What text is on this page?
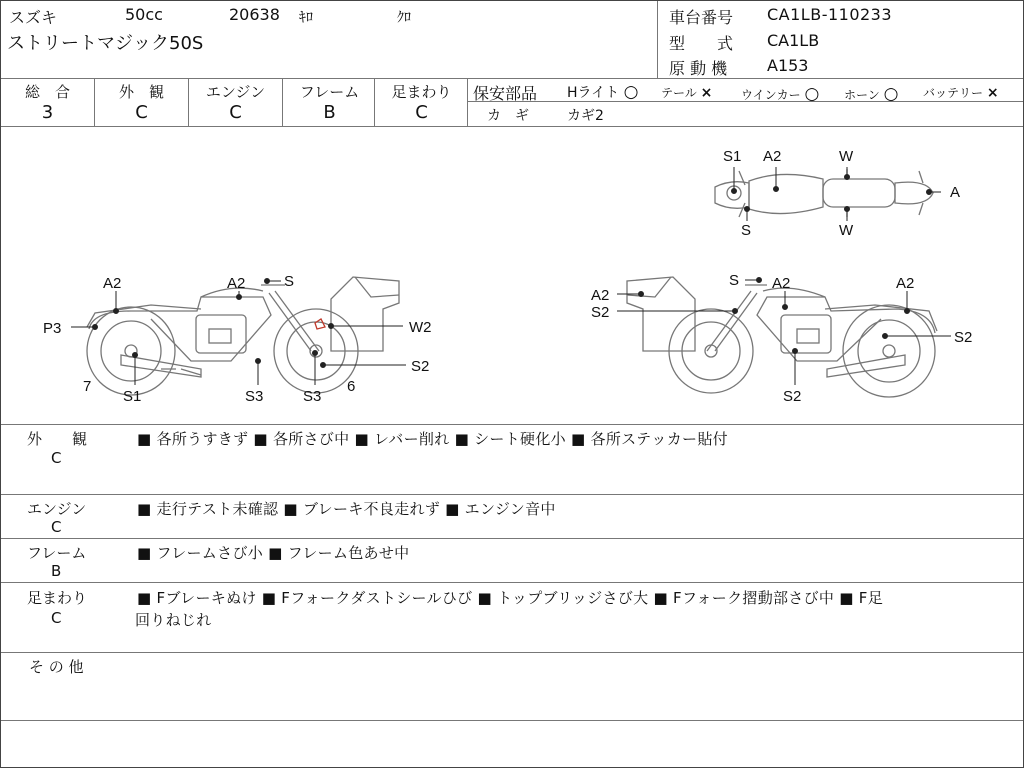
スズキ	50cc	20638 ｷﾛ	ｸﾛ
ストリートマジック50S
車台番号 CA1LB-110233
型　　式 CA1LB
原 動 機 A153
総　合	外　観	エンジン	フレーム	足まわり
3	C	C	B	C
保安部品 Hライト ○ テール × ウインカー ○ ホーン ○ バッテリー ×
カ　ギ	カギ2
S1 A2	W
A
S	W
A2	A2	S
P3	W2
S2
7
S1	S3	S3
6
S A2	A2
A2
S2
S2
S2
外　　観
C
■ 各所うすきず ■ 各所さび中 ■ レバー削れ ■ シート硬化小 ■ 各所ステッカー貼付
エンジン
C
■ 走行テスト未確認 ■ ブレーキ不良走れず ■ エンジン音中
フレーム
B
■ フレームさび小 ■ フレーム色あせ中
足まわり
C
■ Fブレーキぬけ ■ Fフォークダストシールひび ■ トップブリッジさび大 ■ Fフォーク摺動部さび中 ■ F足
回りねじれ
そ の 他
